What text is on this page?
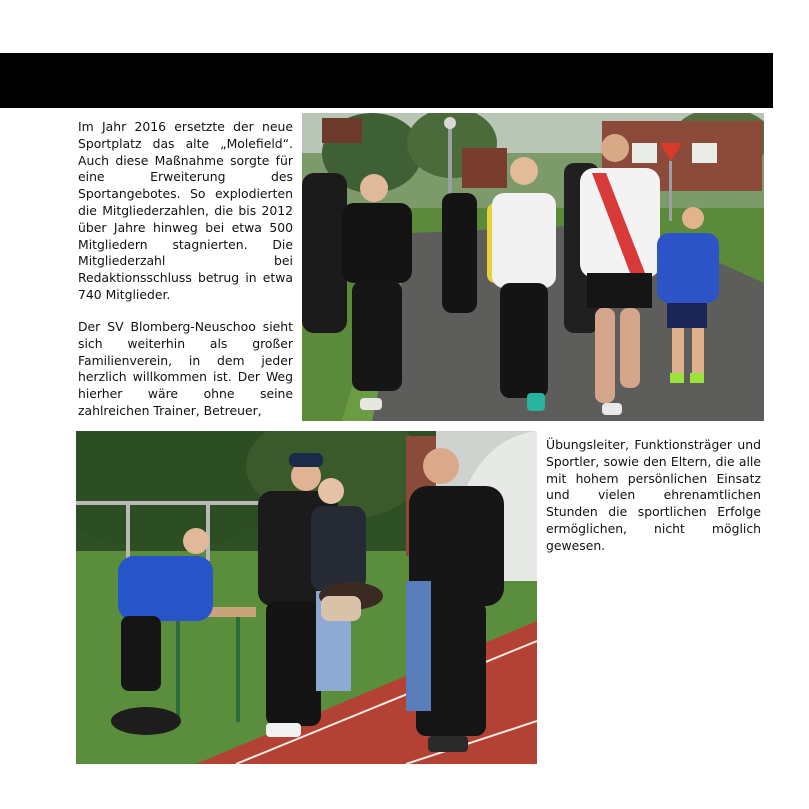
Im Jahr 2016 ersetzte der neue Sportplatz das alte „Molefield“. Auch diese Maßnahme sorgte für eine Erweiterung des Sportangebotes. So explodierten die Mitgliederzahlen, die bis 2012 über Jahre hinweg bei etwa 500 Mitgliedern stagnierten. Die Mitgliederzahl bei Redaktionsschluss betrug in etwa 740 Mitglieder.

Der SV Blomberg-Neuschoo sieht sich weiterhin als großer Familienverein, in dem jeder herzlich willkommen ist. Der Weg hierher wäre ohne seine zahlreichen Trainer, Betreuer,

Übungsleiter, Funktionsträger und Sportler, sowie den Eltern, die alle mit hohem persönlichen Einsatz und vielen ehrenamtlichen Stunden die sportlichen Erfolge ermöglichen, nicht möglich gewesen.
